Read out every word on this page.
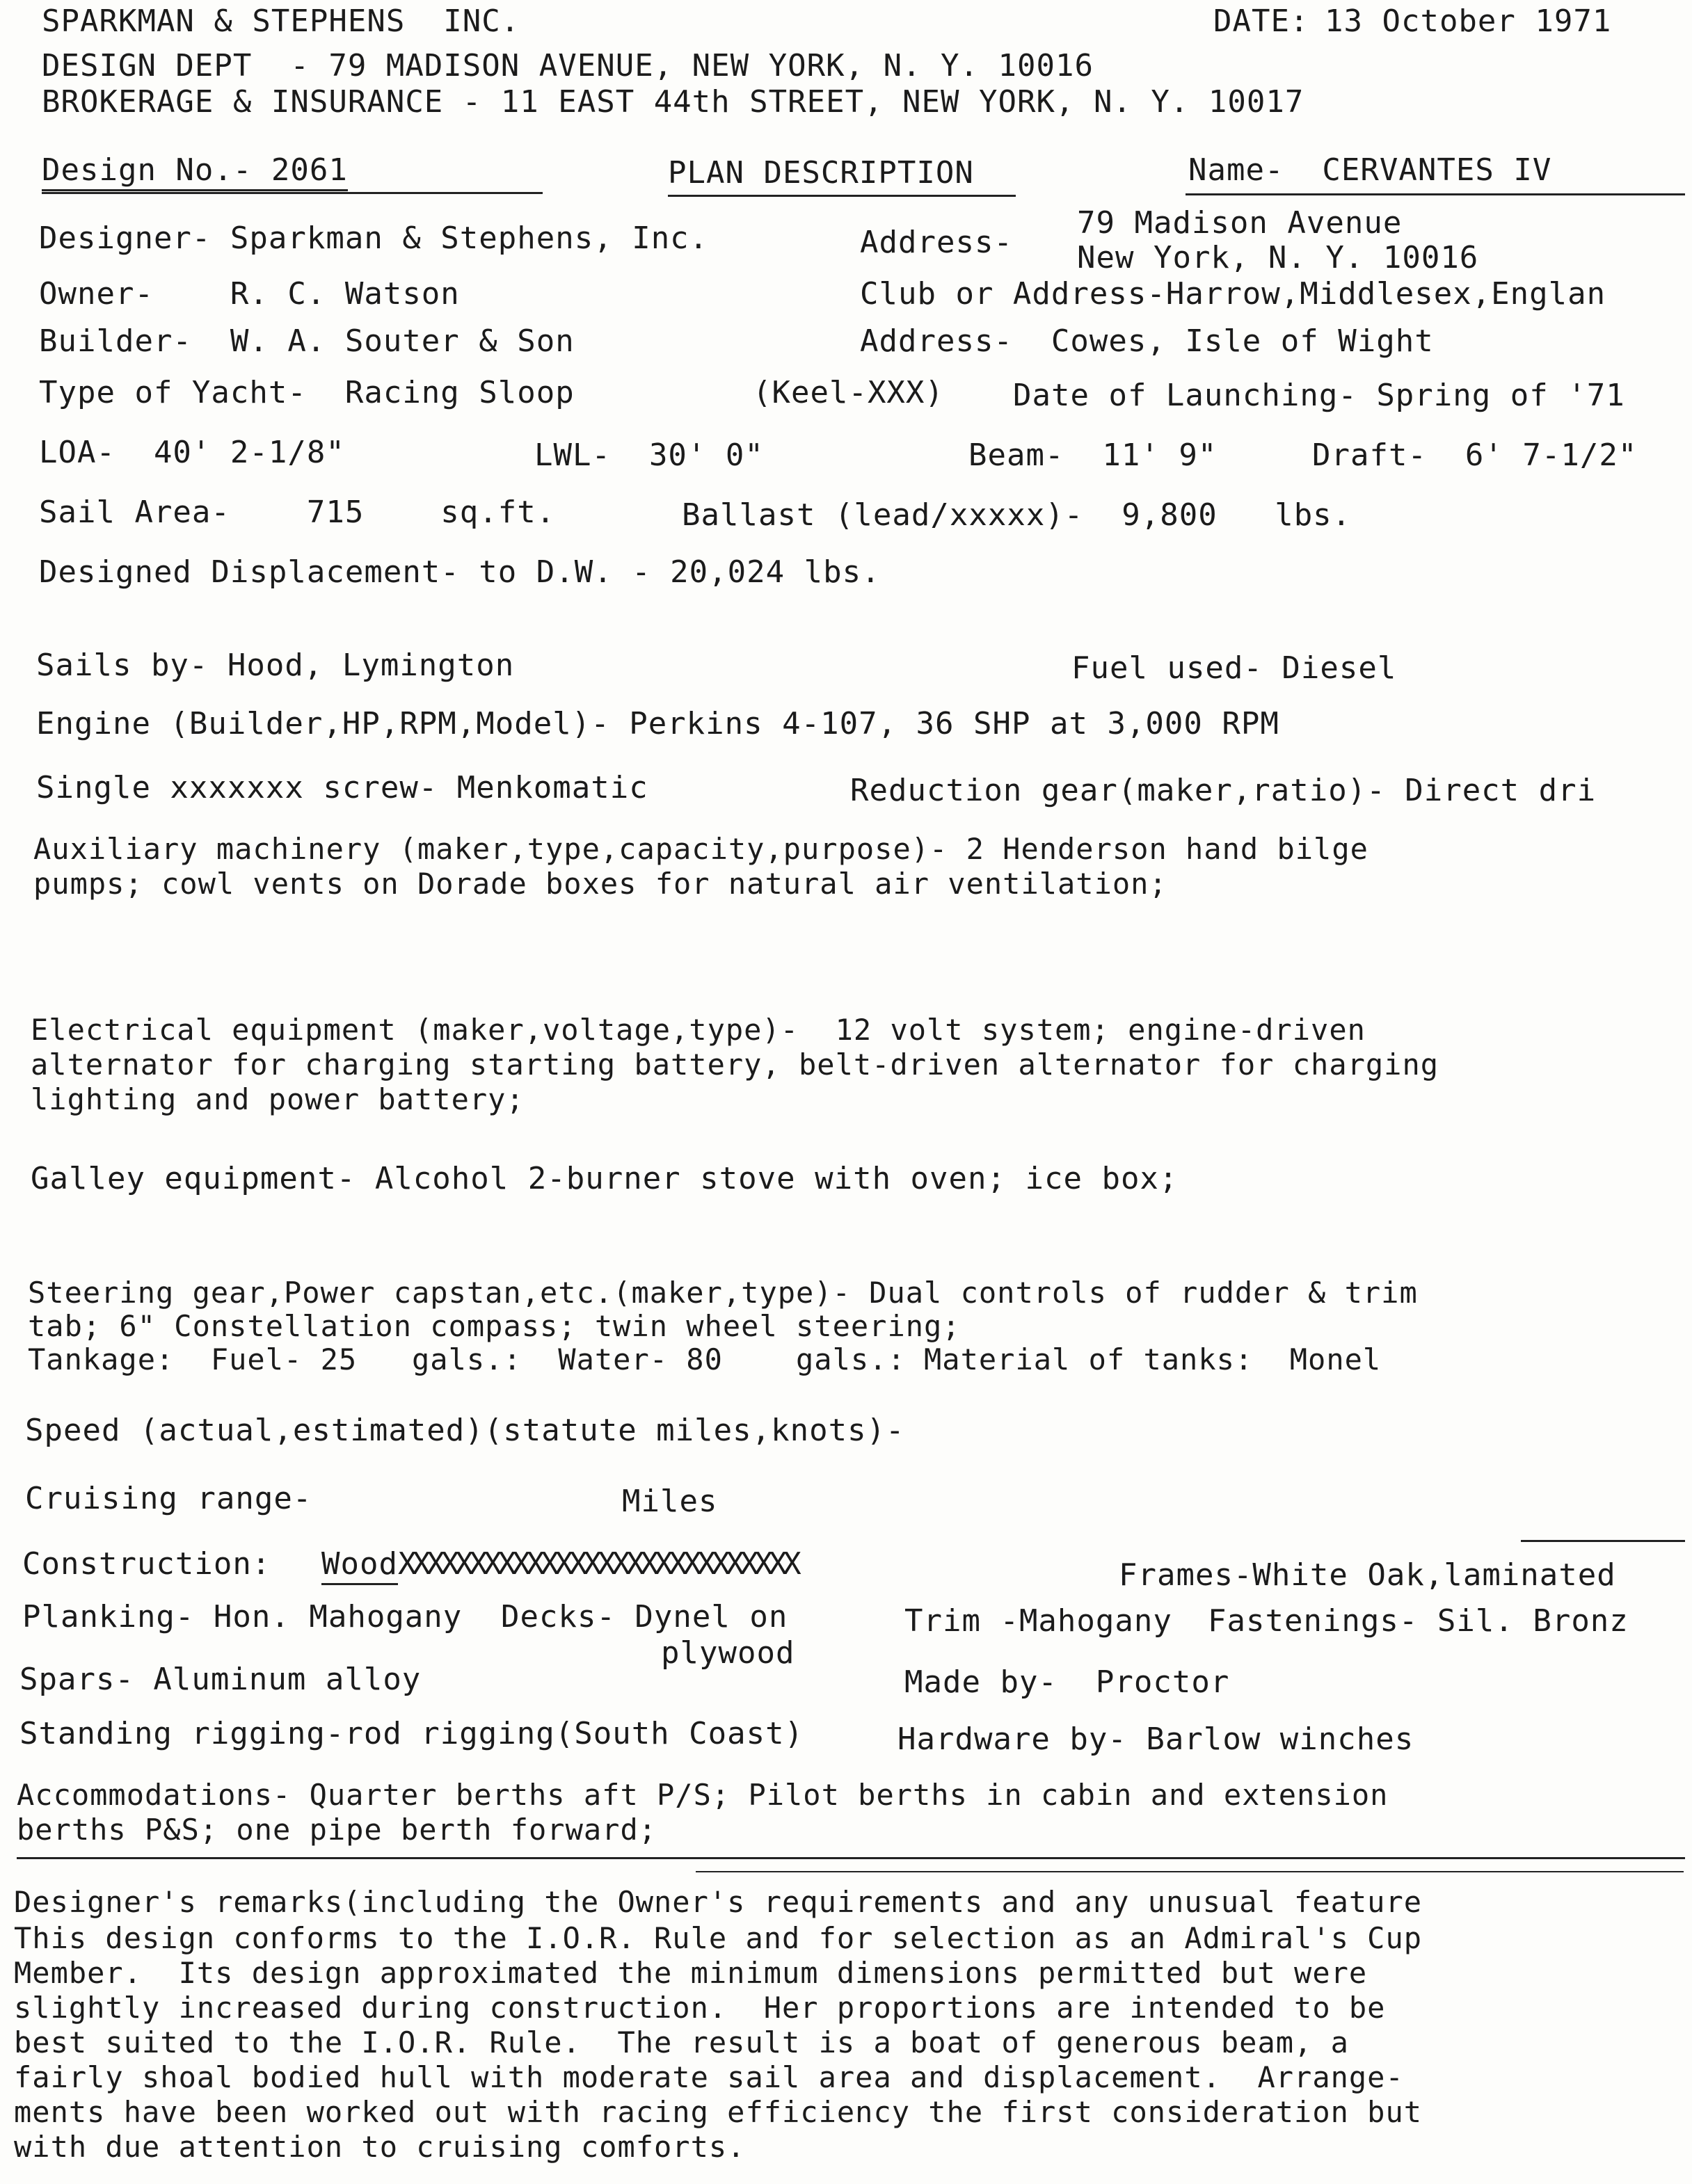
SPARKMAN & STEPHENS  INC.	DATE: 13 October 1971
DESIGN DEPT  - 79 MADISON AVENUE, NEW YORK, N. Y. 10016
BROKERAGE & INSURANCE - 11 EAST 44th STREET, NEW YORK, N. Y. 10017
Design No.- 2061	PLAN DESCRIPTION	Name-  CERVANTES IV
Designer- Sparkman & Stephens, Inc.	Address-
79 Madison Avenue
New York, N. Y. 10016
Owner-    R. C. Watson	Club or Address-Harrow,Middlesex,Englan
Builder-  W. A. Souter & Son	Address-  Cowes, Isle of Wight
Type of Yacht-  Racing Sloop	(Keel-XXX) Date of Launching- Spring of '71
LOA-  40' 2-1/8"	LWL-  30' 0"	Beam-  11' 9"	Draft-  6' 7-1/2"
Sail Area-    715    sq.ft.	Ballast (lead/xxxxx)-  9,800   lbs.
Designed Displacement- to D.W. - 20,024 lbs.
Sails by- Hood, Lymington	Fuel used- Diesel
Engine (Builder,HP,RPM,Model)- Perkins 4-107, 36 SHP at 3,000 RPM
Single xxxxxxx screw- Menkomatic	Reduction gear(maker,ratio)- Direct dri
Auxiliary machinery (maker,type,capacity,purpose)- 2 Henderson hand bilge
pumps; cowl vents on Dorade boxes for natural air ventilation;
Electrical equipment (maker,voltage,type)-  12 volt system; engine-driven
alternator for charging starting battery, belt-driven alternator for charging
lighting and power battery;
Galley equipment- Alcohol 2-burner stove with oven; ice box;
Steering gear,Power capstan,etc.(maker,type)- Dual controls of rudder & trim
tab; 6" Constellation compass; twin wheel steering;
Tankage:  Fuel- 25   gals.:  Water- 80    gals.: Material of tanks:  Monel
Speed (actual,estimated)(statute miles,knots)-
Cruising range-	Miles
Construction: WoodXXXXXXXXXXXXXXXXXXXXXXXXXXXX	Frames-White Oak,laminated
Planking- Hon. Mahogany Decks- Dynel on
plywood
Trim -Mahogany Fastenings- Sil. Bronz
Spars- Aluminum alloy	Made by-  Proctor
Standing rigging-rod rigging(South Coast)	Hardware by- Barlow winches
Accommodations- Quarter berths aft P/S; Pilot berths in cabin and extension
berths P&S; one pipe berth forward;
Designer's remarks(including the Owner's requirements and any unusual feature
This design conforms to the I.O.R. Rule and for selection as an Admiral's Cup
Member.  Its design approximated the minimum dimensions permitted but were
slightly increased during construction.  Her proportions are intended to be
best suited to the I.O.R. Rule.  The result is a boat of generous beam, a
fairly shoal bodied hull with moderate sail area and displacement.  Arrange-
ments have been worked out with racing efficiency the first consideration but
with due attention to cruising comforts.
